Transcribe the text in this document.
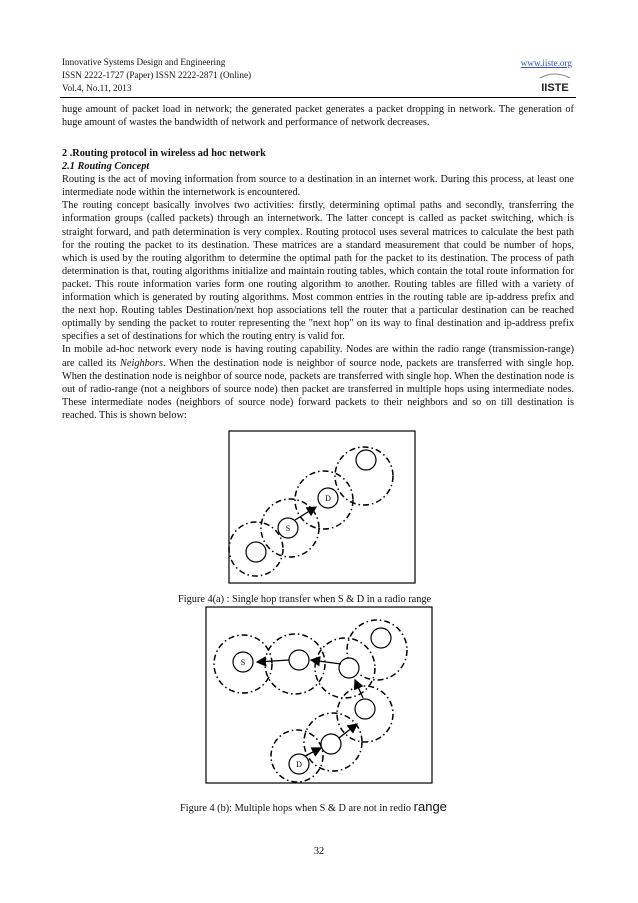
Innovative Systems Design and Engineering
ISSN 2222-1727 (Paper) ISSN 2222-2871 (Online)
Vol.4, No.11, 2013
www.iiste.org
IISTE
huge amount of packet load in network; the generated packet generates a packet dropping in network. The generation of huge amount of wastes the bandwidth of network and performance of network decreases.
2 .Routing protocol in wireless ad hoc network
2.1 Routing Concept

Routing is the act of moving information from source to a destination in an internet work. During this process, at least one intermediate node within the internetwork is encountered.

The routing concept basically involves two activities: firstly, determining optimal paths and secondly, transferring the information groups (called packets) through an internetwork. The latter concept is called as packet switching, which is straight forward, and path determination is very complex. Routing protocol uses several matrices to calculate the best path for the routing the packet to its destination. These matrices are a standard measurement that could be number of hops, which is used by the routing algorithm to determine the optimal path for the packet to its destination. The process of path determination is that, routing algorithms initialize and maintain routing tables, which contain the total route information for packet. This route information varies form one routing algorithm to another. Routing tables are filled with a variety of information which is generated by routing algorithms. Most common entries in the routing table are ip-address prefix and the next hop. Routing tables Destination/next hop associations tell the router that a particular destination can be reached optimally by sending the packet to router representing the "next hop" on its way to final destination and ip-address prefix specifies a set of destinations for which the routing entry is valid for.

In mobile ad-hoc network every node is having routing capability. Nodes are within the radio range (transmission-range) are called its Neighbors. When the destination node is neighbor of source node, packets are transferred with single hop. When the destination node is neighbor of source node, packets are transferred with single hop. When the destination node is out of radio-range (not a neighbors of source node) then packet are transferred in multiple hops using intermediate nodes. These intermediate nodes (neighbors of source node) forward packets to their neighbors and so on till destination is reached. This is shown below:

S
D
Figure 4(a) : Single hop transfer when S & D in a radio range
S
D
Figure 4 (b): Multiple hops when S & D are not in redio range
32
